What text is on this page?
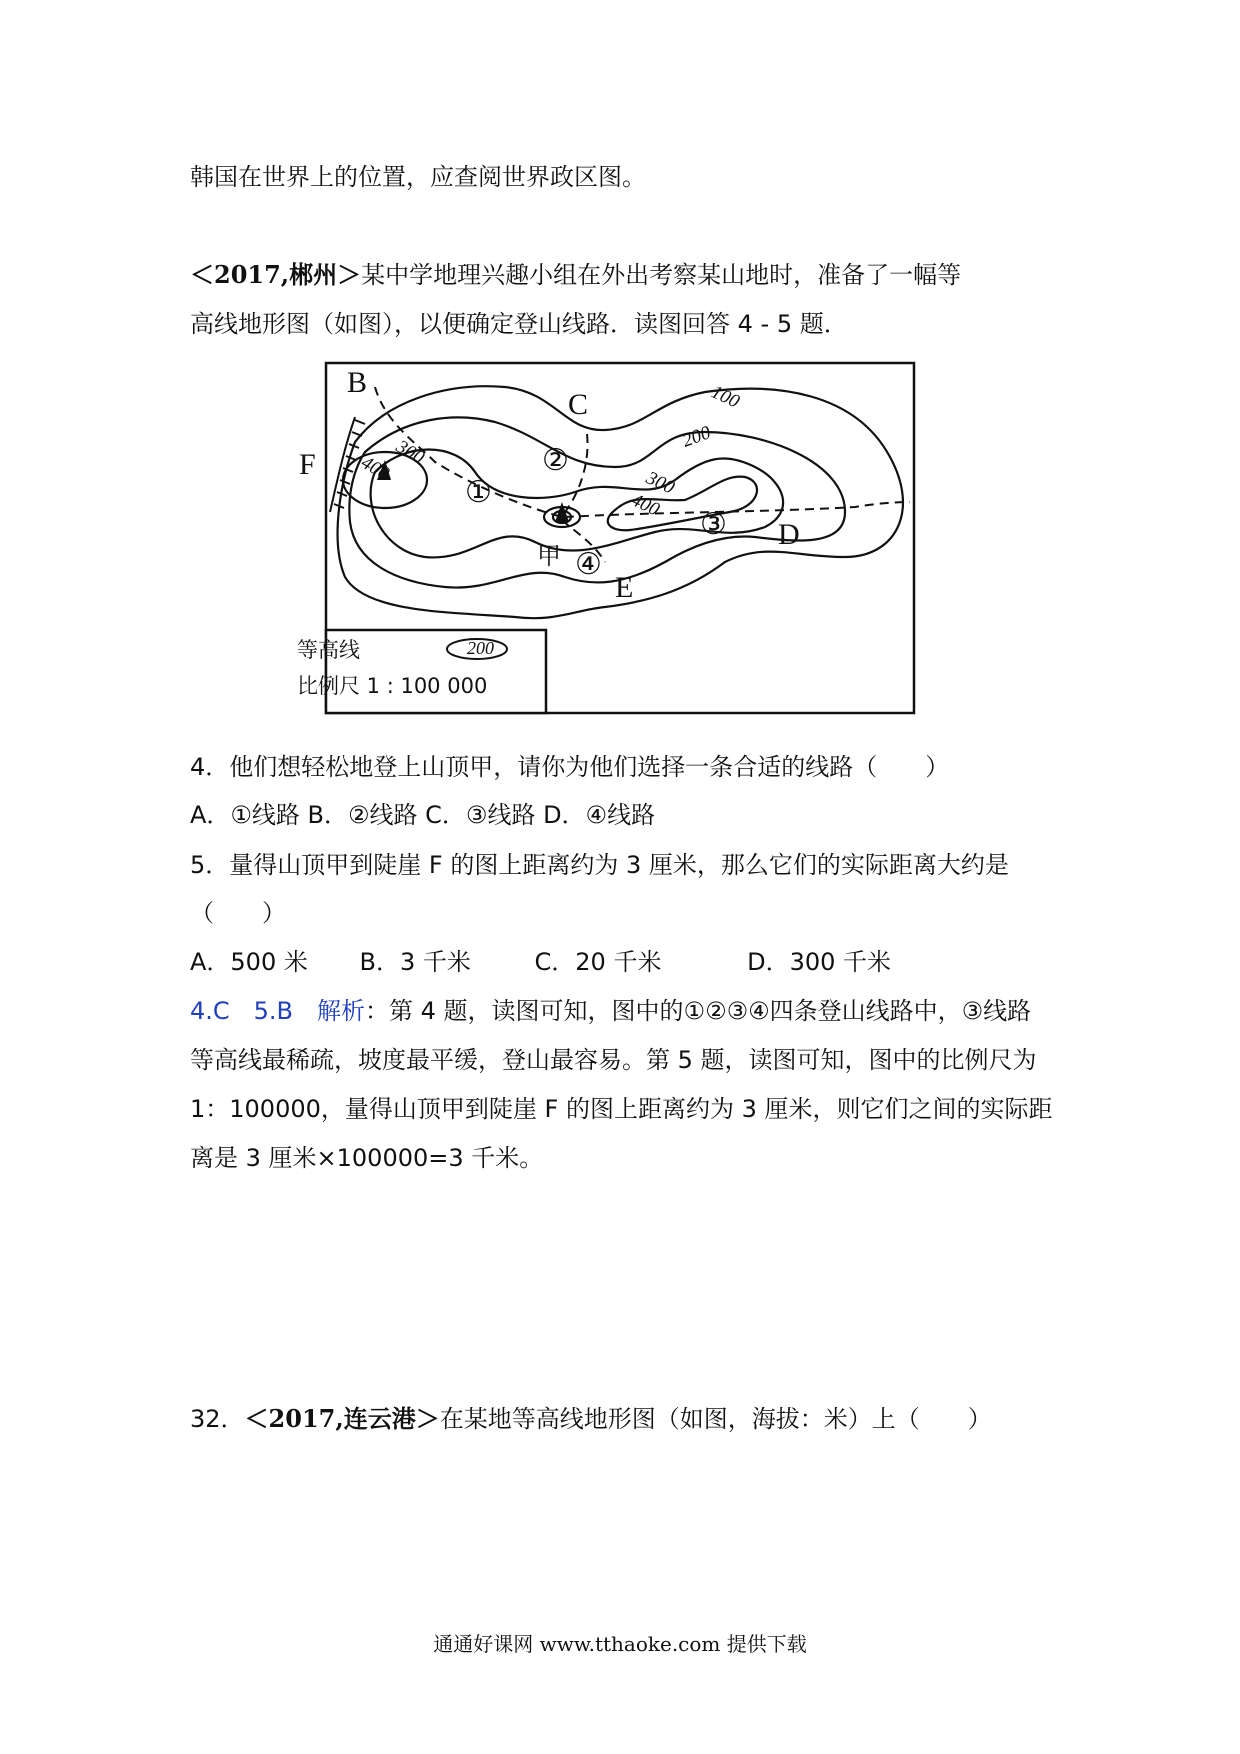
韩国在世界上的位置，应查阅世界政区图。
＜2017,郴州＞某中学地理兴趣小组在外出考察某山地时，准备了一幅等
高线地形图（如图），以便确定登山线路．读图回答 4 ‐ 5 题．
①
②
③
④
B
C
D
E
F
甲
100
200
300
400	300
400
等高线
比例尺 1 : 100 000
200
4．他们想轻松地登上山顶甲，请你为他们选择一条合适的线路（　　）
A．①线路 B．②线路 C．③线路 D．④线路
5．量得山顶甲到陡崖 F 的图上距离约为 3 厘米，那么它们的实际距离大约是
（　　）
A．500 米 B．3 千米	C．20 千米	D．300 千米
4.C　5.B　解析：第 4 题，读图可知，图中的①②③④四条登山线路中，③线路
等高线最稀疏，坡度最平缓，登山最容易。第 5 题，读图可知，图中的比例尺为
1：100000，量得山顶甲到陡崖 F 的图上距离约为 3 厘米，则它们之间的实际距
离是 3 厘米×100000=3 千米。
32．＜2017,连云港＞在某地等高线地形图（如图，海拔：米）上（　　）
通通好课网 www.tthaoke.com 提供下载
